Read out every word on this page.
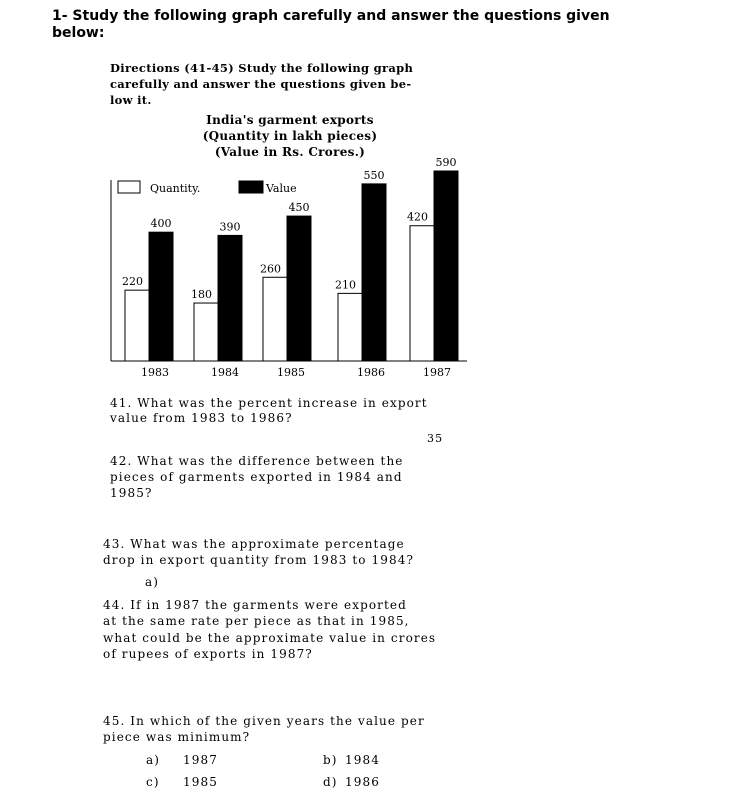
1- Study the following graph carefully and answer the questions given below:
Directions (41-45) Study the following graph
carefully and answer the questions given be-
low it.
India's garment exports
(Quantity in lakh pieces)
(Value in Rs. Crores.)
220
400
1983
180
390
1984
260
450
1985
210
550
1986
420
590
1987
Quantity.	Value
41. What was the percent increase in export
value from 1983 to 1986?
35
42. What was the difference between the
pieces of garments exported in 1984 and
1985?
43. What was the approximate percentage
drop in export quantity from 1983 to 1984?
a)
44. If in 1987 the garments were exported
at the same rate per piece as that in 1985,
what could be the approximate value in crores
of rupees of exports in 1987?
45. In which of the given years the value per
piece was minimum?
a) 1987	b) 1984
c) 1985	d) 1986
